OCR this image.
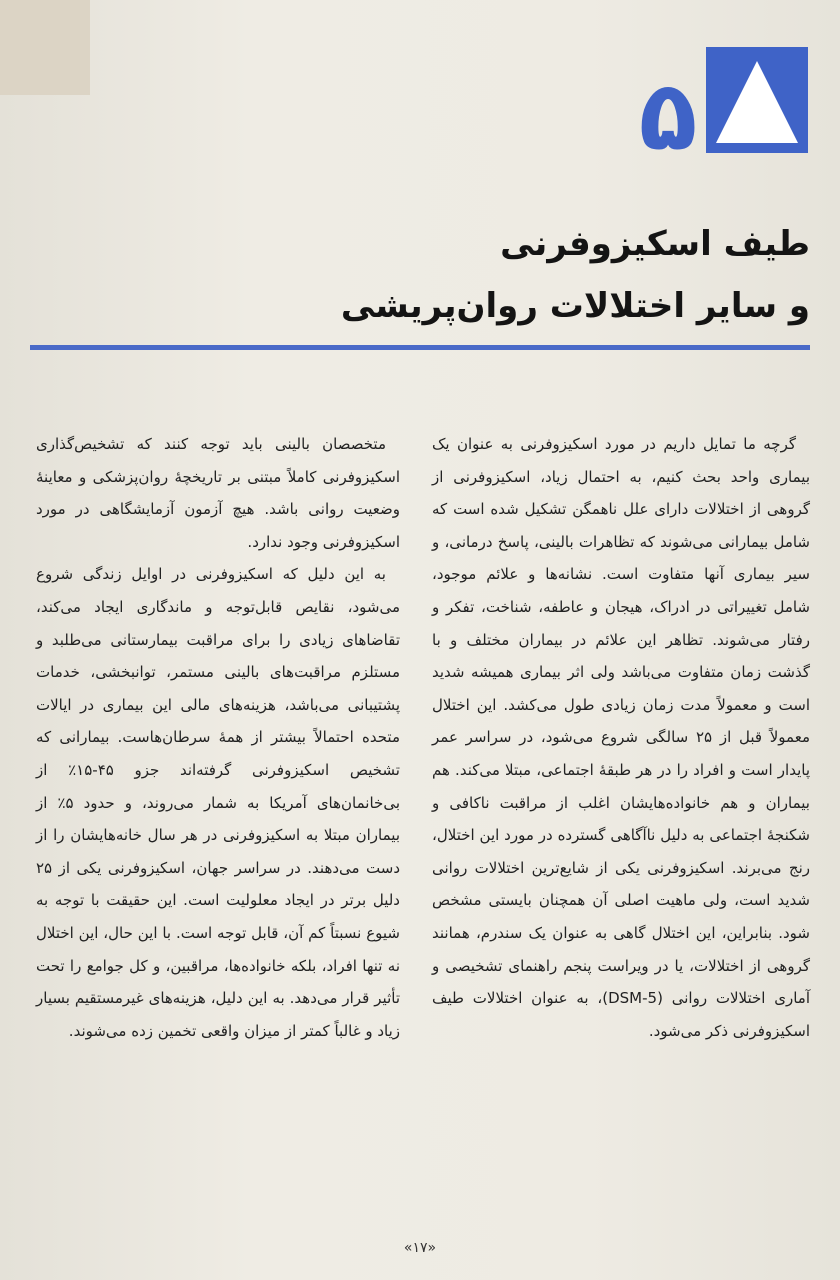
۵
طیف اسکیزوفرنی
و سایر اختلالات روان‌پریشی

گرچه ما تمایل داریم در مورد اسکیزوفرنی به عنوان یک بیماری واحد بحث کنیم، به احتمال زیاد، اسکیزوفرنی از گروهی از اختلالات دارای علل ناهمگن تشکیل شده است که شامل بیمارانی می‌شوند که تظاهرات بالینی، پاسخ درمانی، و سیر بیماری آنها متفاوت است. نشانه‌ها و علائم موجود، شامل تغییراتی در ادراک، هیجان و عاطفه، شناخت، تفکر و رفتار می‌شوند. تظاهر این علائم در بیماران مختلف و با گذشت زمان متفاوت می‌باشد ولی اثر بیماری همیشه شدید است و معمولاً مدت زمان زیادی طول می‌کشد. این اختلال معمولاً قبل از ۲۵ سالگی شروع می‌شود، در سراسر عمر پایدار است و افراد را در هر طبقهٔ اجتماعی، مبتلا می‌کند. هم بیماران و هم خانواده‌هایشان اغلب از مراقبت ناکافی و شکنجهٔ اجتماعی به دلیل ناآگاهی گسترده در مورد این اختلال، رنج می‌برند. اسکیزوفرنی یکی از شایع‌ترین اختلالات روانی شدید است، ولی ماهیت اصلی آن همچنان بایستی مشخص شود. بنابراین، این اختلال گاهی به عنوان یک سندرم، همانند گروهی از اختلالات، یا در ویراست پنجم راهنمای تشخیصی و آماری اختلالات روانی (DSM-5)، به عنوان اختلالات طیف اسکیزوفرنی ذکر می‌شود.

متخصصان بالینی باید توجه کنند که تشخیص‌گذاری اسکیزوفرنی کاملاً مبتنی بر تاریخچهٔ روان‌پزشکی و معاینهٔ وضعیت روانی باشد. هیچ آزمون آزمایشگاهی در مورد اسکیزوفرنی وجود ندارد.

به این دلیل که اسکیزوفرنی در اوایل زندگی شروع می‌شود، نقایص قابل‌توجه و ماندگاری ایجاد می‌کند، تقاضاهای زیادی را برای مراقبت بیمارستانی می‌طلبد و مستلزم مراقبت‌های بالینی مستمر، توانبخشی، خدمات پشتیبانی می‌باشد، هزینه‌های مالی این بیماری در ایالات متحده احتمالاً بیشتر از همهٔ سرطان‌هاست. بیمارانی که تشخیص اسکیزوفرنی گرفته‌اند جزو ۴۵-۱۵٪ از بی‌خانمان‌های آمریکا به شمار می‌روند، و حدود ۵٪ از بیماران مبتلا به اسکیزوفرنی در هر سال خانه‌هایشان را از دست می‌دهند. در سراسر جهان، اسکیزوفرنی یکی از ۲۵ دلیل برتر در ایجاد معلولیت است. این حقیقت با توجه به شیوع نسبتاً کم آن، قابل توجه است. با این حال، این اختلال نه تنها افراد، بلکه خانواده‌ها، مراقبین، و کل جوامع را تحت تأثیر قرار می‌دهد. به این دلیل، هزینه‌های غیرمستقیم بسیار زیاد و غالباً کمتر از میزان واقعی تخمین زده می‌شوند.

«۱۷»
